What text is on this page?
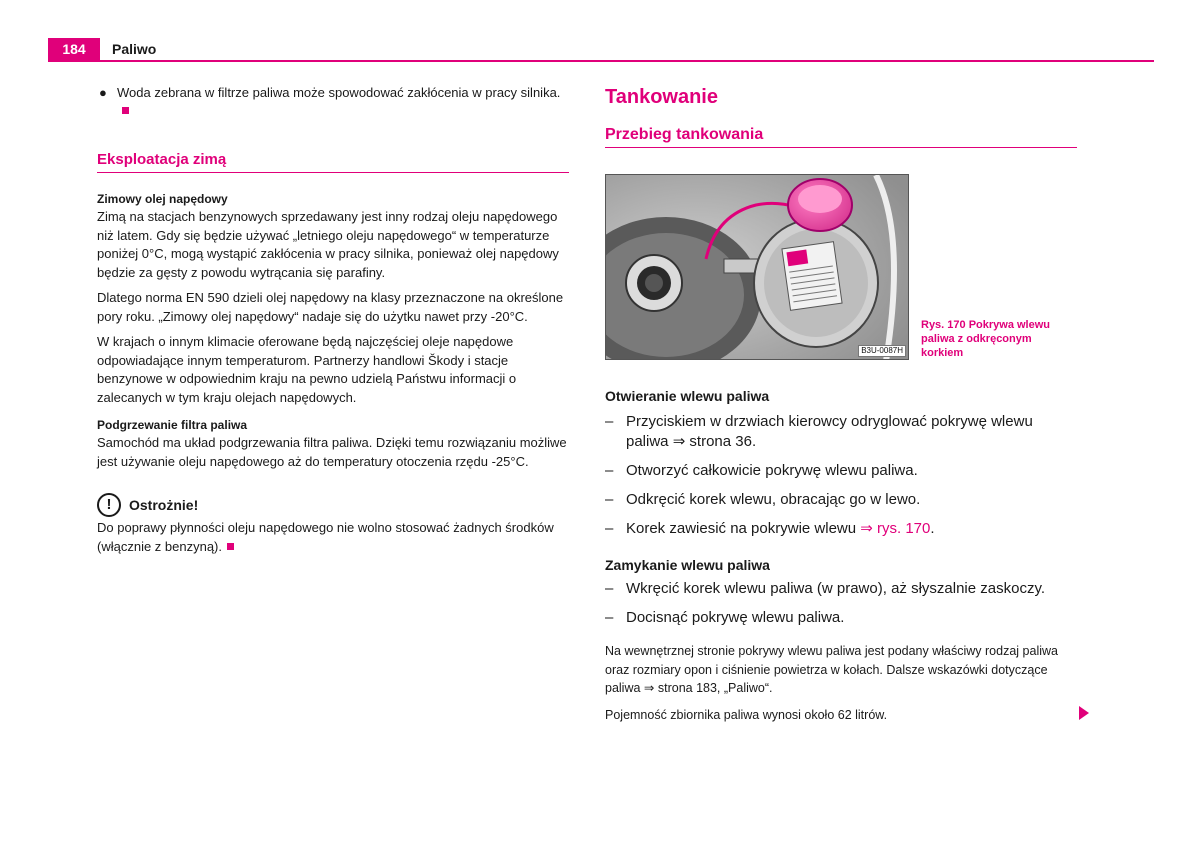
184	Paliwo
● Woda zebrana w filtrze paliwa może spowodować zakłócenia w pracy silnika.
Eksploatacja zimą
Zimowy olej napędowy

Zimą na stacjach benzynowych sprzedawany jest inny rodzaj oleju napędowego niż latem. Gdy się będzie używać „letniego oleju napędowego“ w temperaturze poniżej 0°C, mogą wystąpić zakłócenia w pracy silnika, ponieważ olej napędowy będzie za gęsty z powodu wytrącania się parafiny.

Dlatego norma EN 590 dzieli olej napędowy na klasy przeznaczone na określone pory roku. „Zimowy olej napędowy“ nadaje się do użytku nawet przy -20°C.

W krajach o innym klimacie oferowane będą najczęściej oleje napędowe odpowiadające innym temperaturom. Partnerzy handlowi Škody i stacje benzynowe w odpowiednim kraju na pewno udzielą Państwu informacji o zalecanych w tym kraju olejach napędowych.

Podgrzewanie filtra paliwa

Samochód ma układ podgrzewania filtra paliwa. Dzięki temu rozwiązaniu możliwe jest używanie oleju napędowego aż do temperatury otoczenia rzędu -25°C.

!	Ostrożnie!

Do poprawy płynności oleju napędowego nie wolno stosować żadnych środków (włącznie z benzyną).

Tankowanie
Przebieg tankowania
B3U-0087H
Rys. 170 Pokrywa wlewu paliwa z odkręconym korkiem
Otwieranie wlewu paliwa
– Przyciskiem w drzwiach kierowcy odryglować pokrywę wlewu paliwa ⇒ strona 36.
– Otworzyć całkowicie pokrywę wlewu paliwa.
– Odkręcić korek wlewu, obracając go w lewo.
– Korek zawiesić na pokrywie wlewu ⇒ rys. 170.
Zamykanie wlewu paliwa
– Wkręcić korek wlewu paliwa (w prawo), aż słyszalnie zaskoczy.
– Docisnąć pokrywę wlewu paliwa.

Na wewnętrznej stronie pokrywy wlewu paliwa jest podany właściwy rodzaj paliwa oraz rozmiary opon i ciśnienie powietrza w kołach. Dalsze wskazówki dotyczące paliwa ⇒ strona 183, „Paliwo“.

Pojemność zbiornika paliwa wynosi około 62 litrów.
